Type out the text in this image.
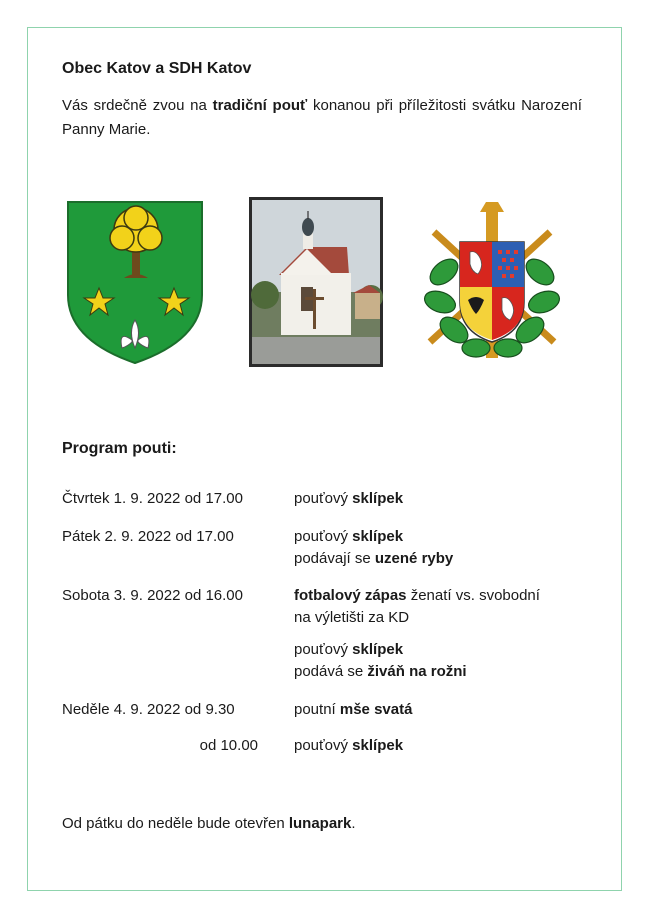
Obec Katov a SDH Katov
Vás srdečně zvou na tradiční pouť konanou při příležitosti svátku Narození Panny Marie.
Program pouti:
Čtvrtek 1. 9. 2022 od 17.00	pouťový sklípek
Pátek 2. 9. 2022 od 17.00	pouťový sklípek
podávají se uzené ryby
Sobota 3. 9. 2022 od 16.00	fotbalový zápas ženatí vs. svobodní
na výletišti za KD
pouťový sklípek
podává se živáň na rožni
Neděle 4. 9. 2022 od 9.30	poutní mše svatá
od 10.00 pouťový sklípek
Od pátku do neděle bude otevřen lunapark.
